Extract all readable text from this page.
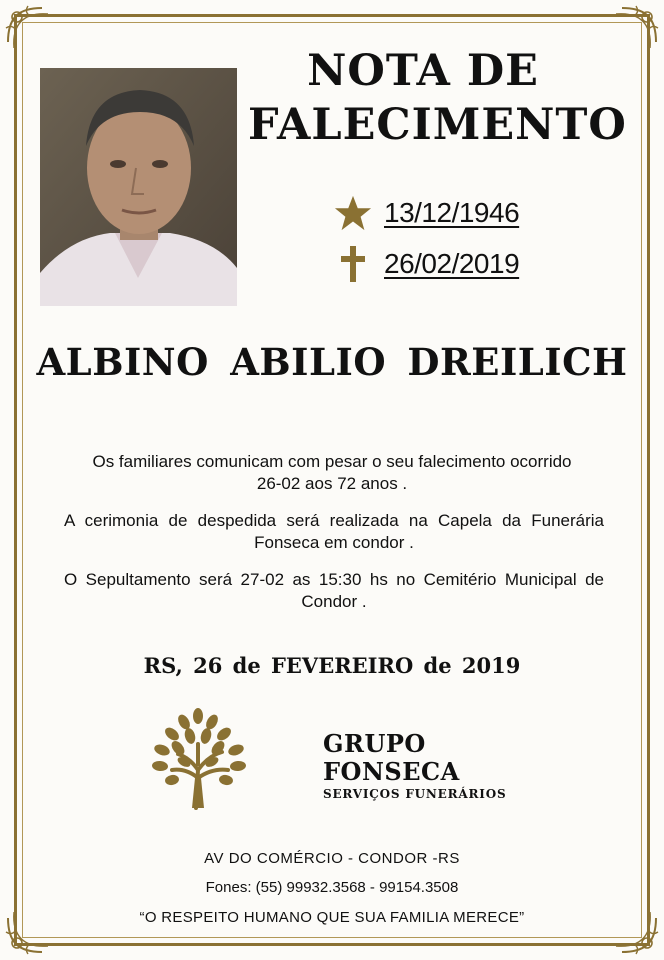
NOTA DE
FALECIMENTO
13/12/1946
26/02/2019
ALBINO ABILIO DREILICH
Os familiares comunicam com pesar o seu falecimento ocorrido
26-02 aos 72 anos .
A cerimonia de despedida será realizada na Capela da Funerária Fonseca em condor .
O Sepultamento será 27-02 as 15:30 hs no Cemitério Municipal de Condor .
RS, 26 de FEVEREIRO de 2019
GRUPO
FONSECA
SERVIÇOS FUNERÁRIOS
AV DO COMÉRCIO - CONDOR -RS
Fones: (55) 99932.3568 - 99154.3508
“O RESPEITO HUMANO QUE SUA FAMILIA MERECE”
